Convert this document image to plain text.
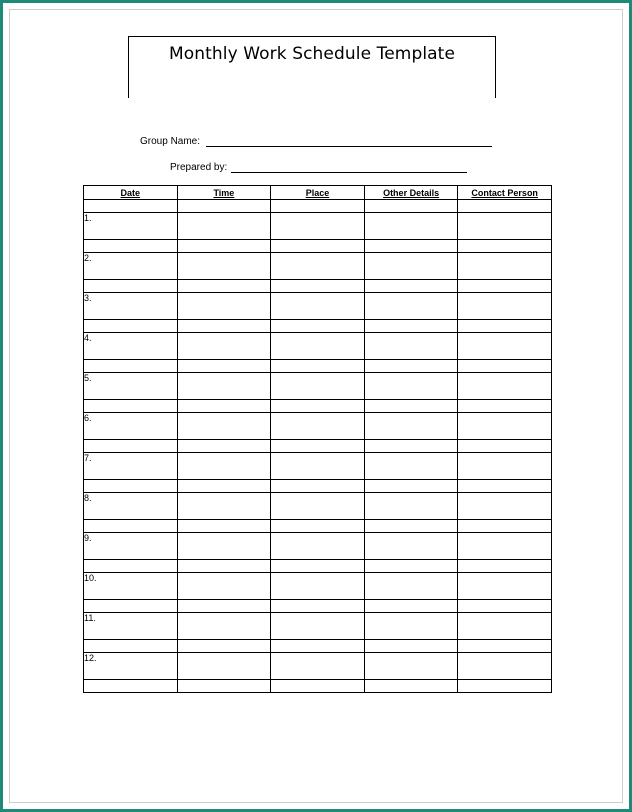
Monthly Work Schedule Template
Group Name:
Prepared by:
Date	Time	Place	Other Details	Contact Person

1.				

2.				

3.				

4.				

5.				

6.				

7.				

8.				

9.				

10.				

11.				

12.				
